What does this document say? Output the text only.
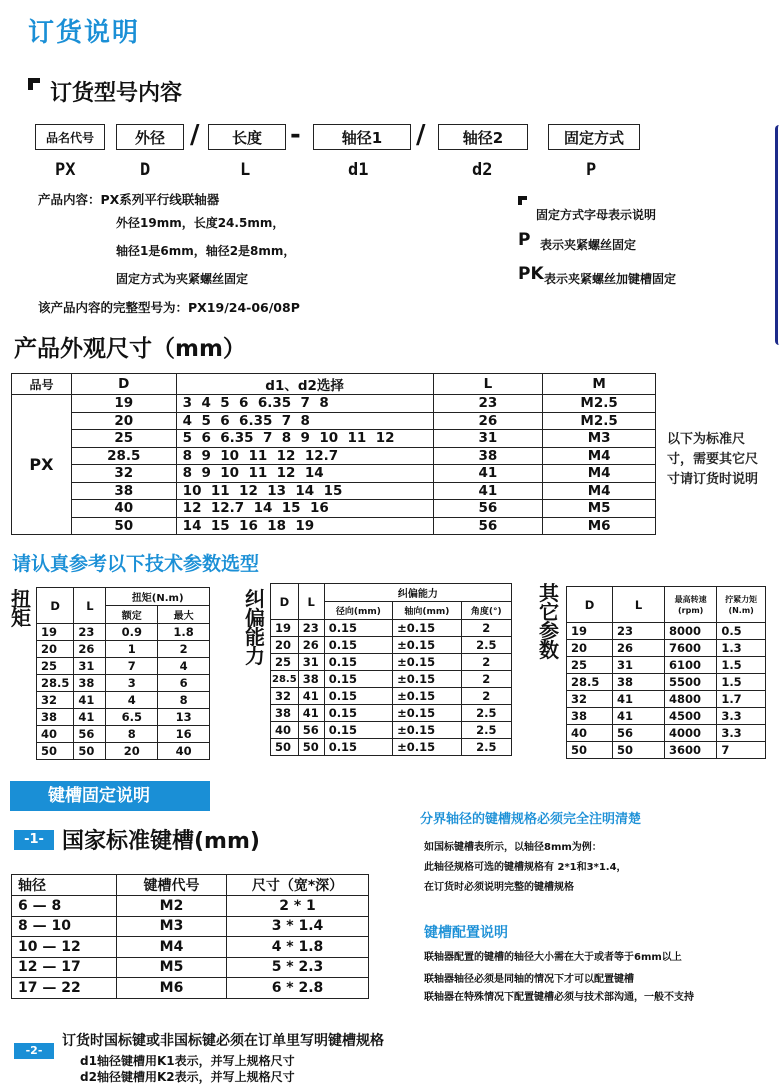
订货说明
订货型号内容
品名代号	外径 /	长度	-	轴径1	/	轴径2	固定方式
PX	D	L	d1	d2	P
产品内容：PX系列平行线联轴器
外径19mm，长度24.5mm，
轴径1是6mm，轴径2是8mm，
固定方式为夹紧螺丝固定
该产品内容的完整型号为：PX19/24-06/08P
固定方式字母表示说明
P 表示夹紧螺丝固定
PK 表示夹紧螺丝加键槽固定
产品外观尺寸（mm）
品号	D	d1、d2选择	L	M
PX	19	3  4  5  6  6.35  7  8	23	M2.5
	20	4  5  6  6.35  7  8	26	M2.5
	25	5  6  6.35  7  8  9  10  11  12	31	M3
	28.5	8  9  10  11  12  12.7	38	M4
	32	8  9  10  11  12  14	41	M4
	38	10  11  12  13  14  15	41	M4
	40	12  12.7  14  15  16	56	M5
	50	14  15  16  18  19	56	M6
以下为标准尺寸，需要其它尺寸请订货时说明
请认真参考以下技术参数选型
扭矩
D	L	扭矩(N.m)	
		额定	最大
19	23	0.9	1.8
20	26	1	2
25	31	7	4
28.5	38	3	6
32	41	4	8
38	41	6.5	13
40	56	8	16
50	50	20	40
纠偏能力
D	L	纠偏能力		
		径向(mm)	轴向(mm)	角度(°)
19	23	0.15	±0.15	2
20	26	0.15	±0.15	2.5
25	31	0.15	±0.15	2
28.5	38	0.15	±0.15	2
32	41	0.15	±0.15	2
38	41	0.15	±0.15	2.5
40	56	0.15	±0.15	2.5
50	50	0.15	±0.15	2.5
其它参数
D	L	最高转速(rpm)	拧紧力矩(N.m)
19	23	8000	0.5
20	26	7600	1.3
25	31	6100	1.5
28.5	38	5500	1.5
32	41	4800	1.7
38	41	4500	3.3
40	56	4000	3.3
50	50	3600	7
键槽固定说明
-1- 国家标准键槽(mm)
轴径	键槽代号	尺寸（宽*深）
6 — 8	M2	2 * 1
8 — 10	M3	3 * 1.4
10 — 12	M4	4 * 1.8
12 — 17	M5	5 * 2.3
17 — 22	M6	6 * 2.8
分界轴径的键槽规格必须完全注明清楚
如国标键槽表所示，以轴径8mm为例：
此轴径规格可选的键槽规格有 2*1和3*1.4，
在订货时必须说明完整的键槽规格
键槽配置说明
联轴器配置的键槽的轴径大小需在大于或者等于6mm以上
联轴器轴径必须是同轴的情况下才可以配置键槽
联轴器在特殊情况下配置键槽必须与技术部沟通，一般不支持
-2-
订货时国标键或非国标键必须在订单里写明键槽规格
d1轴径键槽用K1表示，并写上规格尺寸
d2轴径键槽用K2表示，并写上规格尺寸
